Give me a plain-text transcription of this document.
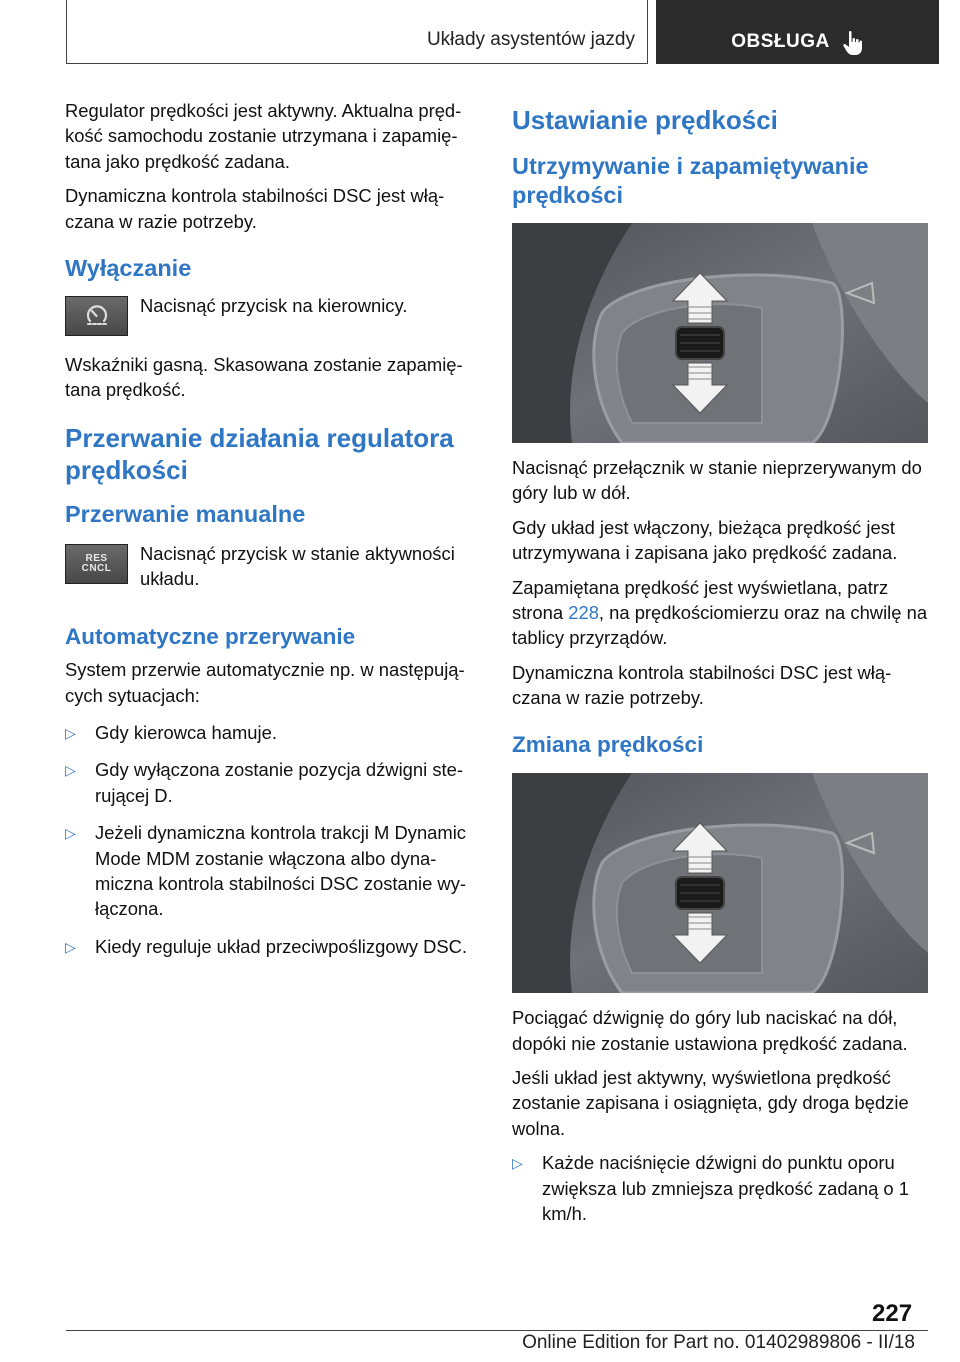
Układy asystentów jazdy	OBSŁUGA

Regulator prędkości jest aktywny. Aktualna pręd‐kość samochodu zostanie utrzymana i zapamię‐tana jako prędkość zadana.

Dynamiczna kontrola stabilności DSC jest włą‐czana w razie potrzeby.

Wyłączanie

Nacisnąć przycisk na kierownicy.

Wskaźniki gasną. Skasowana zostanie zapamię‐tana prędkość.

Przerwanie działania regulatora prędkości
Przerwanie manualne
RES
CNCL

Nacisnąć przycisk w stanie aktywności układu.

Automatyczne przerywanie

System przerwie automatycznie np. w następują‐cych sytuacjach:

▷ Gdy kierowca hamuje.
▷ Gdy wyłączona zostanie pozycja dźwigni ste‐rującej D.
▷ Jeżeli dynamiczna kontrola trakcji M Dynamic Mode MDM zostanie włączona albo dyna‐miczna kontrola stabilności DSC zostanie wy‐łączona.
▷ Kiedy reguluje układ przeciwpoślizgowy DSC.
Ustawianie prędkości
Utrzymywanie i zapamiętywanie prędkości

Nacisnąć przełącznik w stanie nieprzerywanym do góry lub w dół.

Gdy układ jest włączony, bieżąca prędkość jest utrzymywana i zapisana jako prędkość zadana.

Zapamiętana prędkość jest wyświetlana, patrz strona 228, na prędkościomierzu oraz na chwilę na tablicy przyrządów.

Dynamiczna kontrola stabilności DSC jest włą‐czana w razie potrzeby.

Zmiana prędkości

Pociągać dźwignię do góry lub naciskać na dół, dopóki nie zostanie ustawiona prędkość zadana.

Jeśli układ jest aktywny, wyświetlona prędkość zostanie zapisana i osiągnięta, gdy droga będzie wolna.

▷ Każde naciśnięcie dźwigni do punktu oporu zwiększa lub zmniejsza prędkość zadaną o 1 km/h.
227
Online Edition for Part no. 01402989806 - II/18
